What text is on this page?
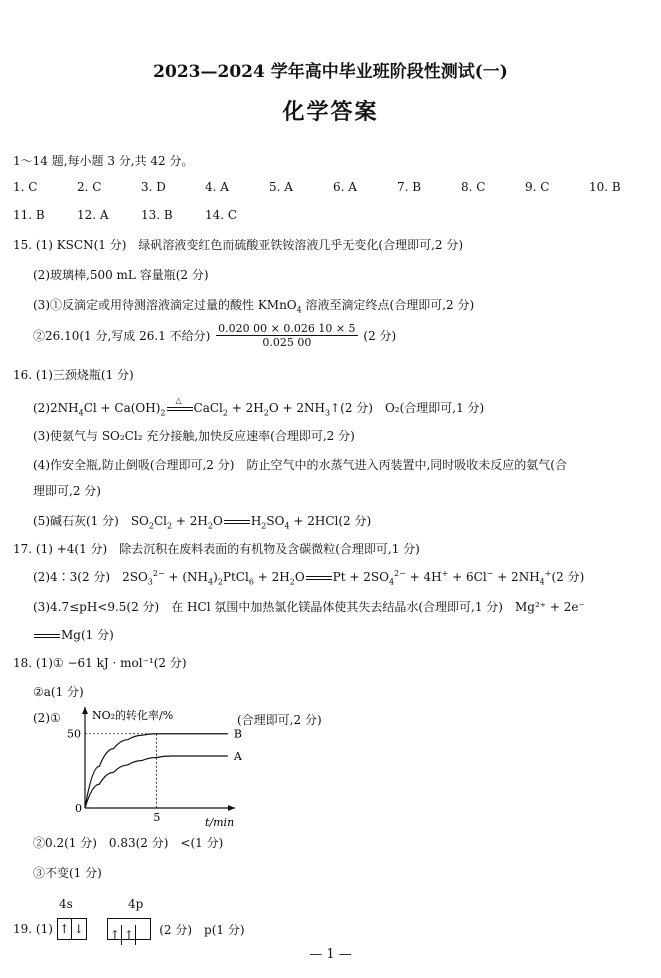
2023—2024 学年高中毕业班阶段性测试(一)
化学答案
1～14 题,每小题 3 分,共 42 分。
1. C	2. C	3. D	4. A	5. A	6. A	7. B	8. C	9. C	10. B
11. B	12. A	13. B	14. C
15. (1) KSCN(1 分)　绿矾溶液变红色而硫酸亚铁铵溶液几乎无变化(合理即可,2 分)
(2)玻璃棒,500 mL 容量瓶(2 分)
(3)①反滴定或用待测溶液滴定过量的酸性 KMnO$_4$ 溶液至滴定终点(合理即可,2 分)
②26.10(1 分,写成 26.1 不给分) $\frac{0.020 00 \times 0.026 10 \times 5}{0.025 00} (2$ 分)
16. (1)三颈烧瓶(1 分)
$(2)2NH_4Cl + Ca(OH)_2$
△
CaCl$_2$ + $2H_2O$ + $2NH_3↑(2$ 分)　O₂(合理即可,1 分)
(3)使氨气与 SO₂Cl₂ 充分接触,加快反应速率(合理即可,2 分)
(4)作安全瓶,防止倒吸(合理即可,2 分)　防止空气中的水蒸气进入丙装置中,同时吸收未反应的氨气(合
理即可,2 分)
(5)碱石灰(1 分)　$SO_2Cl_2 + 2H_2O$ $H_2SO_4 + 2HCl(2$ 分)
17. (1) +4(1 分)　除去沉积在废料表面的有机物及含碳微粒(合理即可,1 分)
(2)4∶3(2 分)　$2SO_3^{2-}$ + $(NH_4)_2PtCl_6 + 2H_2O$ $Pt + 2SO_4^{2-} + 4H^+ + 6Cl^- + 2NH_4^+(2$ 分)
(3)4.7≤pH<9.5(2 分)　在 HCl 氛围中加热氯化镁晶体使其失去结晶水(合理即可,1 分)　Mg²⁺ + 2e⁻
Mg(1 分)
18. (1)① −61 kJ · mol⁻¹(2 分)
②a(1 分)
(2)①	(合理即可,2 分)
0
50
5
NO₂的转化率/%
t/min
B
A
②0.2(1 分)　0.83(2 分)　<(1 分)
③不变(1 分)
4s	4p
19. (1) ↑ ↓ ↑ ↑ (2 分)　p(1 分)
— 1 —
